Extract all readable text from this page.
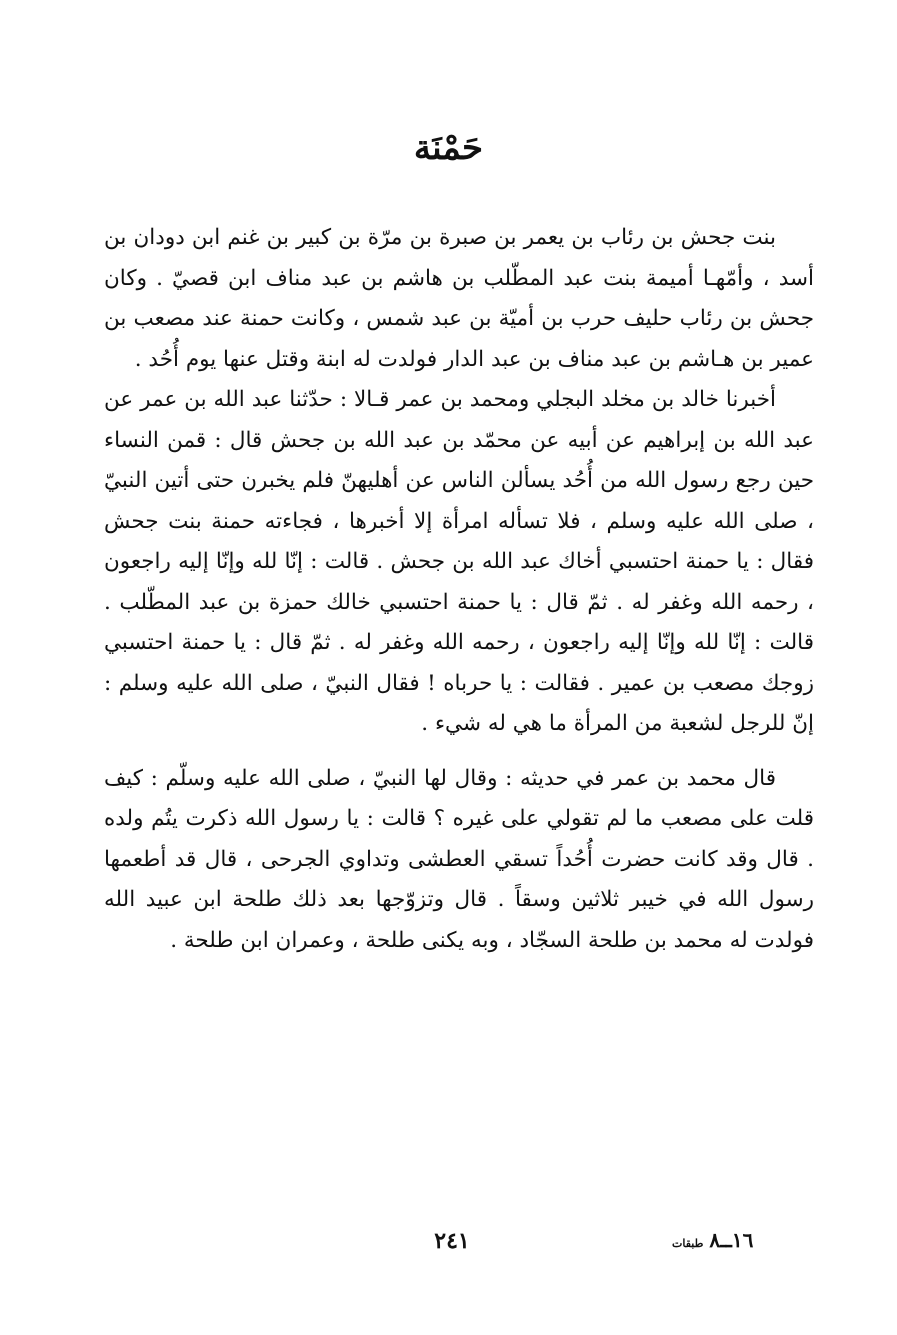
حَمْنَة

بنت جحش بن رئاب بن يعمر بن صبرة بن مرّة بن كبير بن غنم ابن دودان بن أسد ، وأمّهـا أميمة بنت عبد المطّلب بن هاشم بن عبد مناف ابن قصيّ . وكان جحش بن رئاب حليف حرب بن أميّة بن عبد شمس ، وكانت حمنة عند مصعب بن عمير بن هـاشم بن عبد مناف بن عبد الدار فولدت له ابنة وقتل عنها يوم أُحُد .

أخبرنا خالد بن مخلد البجلي ومحمد بن عمر قـالا : حدّثنا عبد الله بن عمر عن عبد الله بن إبراهيم عن أبيه عن محمّد بن عبد الله بن جحش قال : قمن النساء حين رجع رسول الله من أُحُد يسألن الناس عن أهليهنّ فلم يخبرن حتى أتين النبيّ ، صلى الله عليه وسلم ، فلا تسأله امرأة إلا أخبرها ، فجاءته حمنة بنت جحش فقال : يا حمنة احتسبي أخاك عبد الله بن جحش . قالت : إنّا لله وإنّا إليه راجعون ، رحمه الله وغفر له . ثمّ قال : يا حمنة احتسبي خالك حمزة بن عبد المطّلب . قالت : إنّا لله وإنّا إليه راجعون ، رحمه الله وغفر له . ثمّ قال : يا حمنة احتسبي زوجك مصعب بن عمير . فقالت : يا حرباه ! فقال النبيّ ، صلى الله عليه وسلم : إنّ للرجل لشعبة من المرأة ما هي له شيء .

قال محمد بن عمر في حديثه : وقال لها النبيّ ، صلى الله عليه وسلّم : كيف قلت على مصعب ما لم تقولي على غيره ؟ قالت : يا رسول الله ذكرت يتُم ولده . قال وقد كانت حضرت أُحُداً تسقي العطشى وتداوي الجرحى ، قال قد أطعمها رسول الله في خيبر ثلاثين وسقاً . قال وتزوّجها بعد ذلك طلحة ابن عبيد الله فولدت له محمد بن طلحة السجّاد ، وبه يكنى طلحة ، وعمران ابن طلحة .

٢٤١	١٦ــ٨طبقات
